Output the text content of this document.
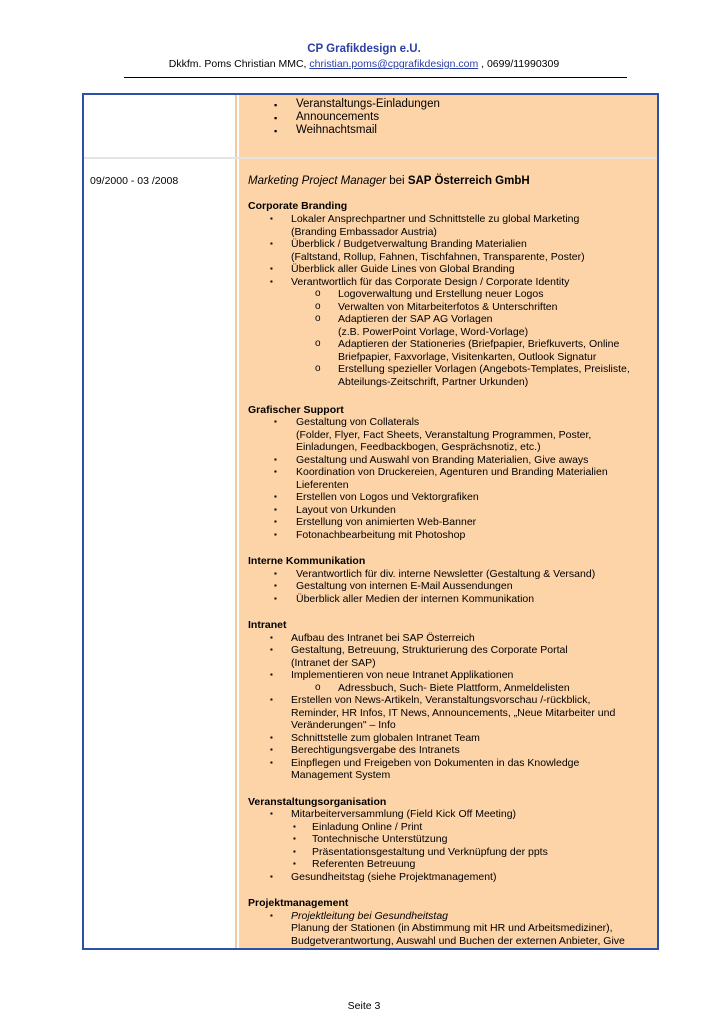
CP Grafikdesign e.U.
Dkkfm. Poms Christian MMC, christian.poms@cpgrafikdesign.com , 0699/11990309
09/2000 - 03 /2008
▪ Veranstaltungs-Einladungen
▪ Announcements
▪ Weihnachtsmail
Marketing Project Manager bei SAP Österreich GmbH
Corporate Branding
▪ Lokaler Ansprechpartner und Schnittstelle zu global Marketing
(Branding Embassador Austria)
▪ Überblick / Budgetverwaltung Branding Materialien
(Faltstand, Rollup, Fahnen, Tischfahnen, Transparente, Poster)
▪ Überblick aller Guide Lines von Global Branding
▪ Verantwortlich für das Corporate Design / Corporate Identity
o Logoverwaltung und Erstellung neuer Logos
o Verwalten von Mitarbeiterfotos & Unterschriften
o Adaptieren der SAP AG Vorlagen
(z.B. PowerPoint Vorlage, Word-Vorlage)
o Adaptieren der Stationeries (Briefpapier, Briefkuverts, Online
Briefpapier, Faxvorlage, Visitenkarten, Outlook Signatur
o Erstellung spezieller Vorlagen (Angebots-Templates, Preisliste,
Abteilungs-Zeitschrift, Partner Urkunden)
Grafischer Support
▪ Gestaltung von Collaterals
(Folder, Flyer, Fact Sheets, Veranstaltung Programmen, Poster,
Einladungen, Feedbackbogen, Gesprächsnotiz, etc.)
▪ Gestaltung und Auswahl von Branding Materialien, Give aways
▪ Koordination von Druckereien, Agenturen und Branding Materialien
Lieferenten
▪ Erstellen von Logos und Vektorgrafiken
▪ Layout von Urkunden
▪ Erstellung von animierten Web-Banner
▪ Fotonachbearbeitung mit Photoshop
Interne Kommunikation
▪ Verantwortlich für div. interne Newsletter (Gestaltung & Versand)
▪ Gestaltung von internen E-Mail Aussendungen
▪ Überblick aller Medien der internen Kommunikation
Intranet
▪ Aufbau des Intranet bei SAP Österreich
▪ Gestaltung, Betreuung, Strukturierung des Corporate Portal
(Intranet der SAP)
▪ Implementieren von neue Intranet Applikationen
o Adressbuch, Such- Biete Plattform, Anmeldelisten
▪ Erstellen von News-Artikeln, Veranstaltungsvorschau /-rückblick,
Reminder, HR Infos, IT News, Announcements, „Neue Mitarbeiter und
Veränderungen" – Info
▪ Schnittstelle zum globalen Intranet Team
▪ Berechtigungsvergabe des Intranets
▪ Einpflegen und Freigeben von Dokumenten in das Knowledge
Management System
Veranstaltungsorganisation
▪ Mitarbeiterversammlung (Field Kick Off Meeting)
▪ Einladung Online / Print
▪ Tontechnische Unterstützung
▪ Präsentationsgestaltung und Verknüpfung der ppts
▪ Referenten Betreuung
▪ Gesundheitstag (siehe Projektmanagement)
Projektmanagement
▪ Projektleitung bei Gesundheitstag
Planung der Stationen (in Abstimmung mit HR und Arbeitsmediziner),
Budgetverantwortung, Auswahl und Buchen der externen Anbieter, Give
Seite 3
